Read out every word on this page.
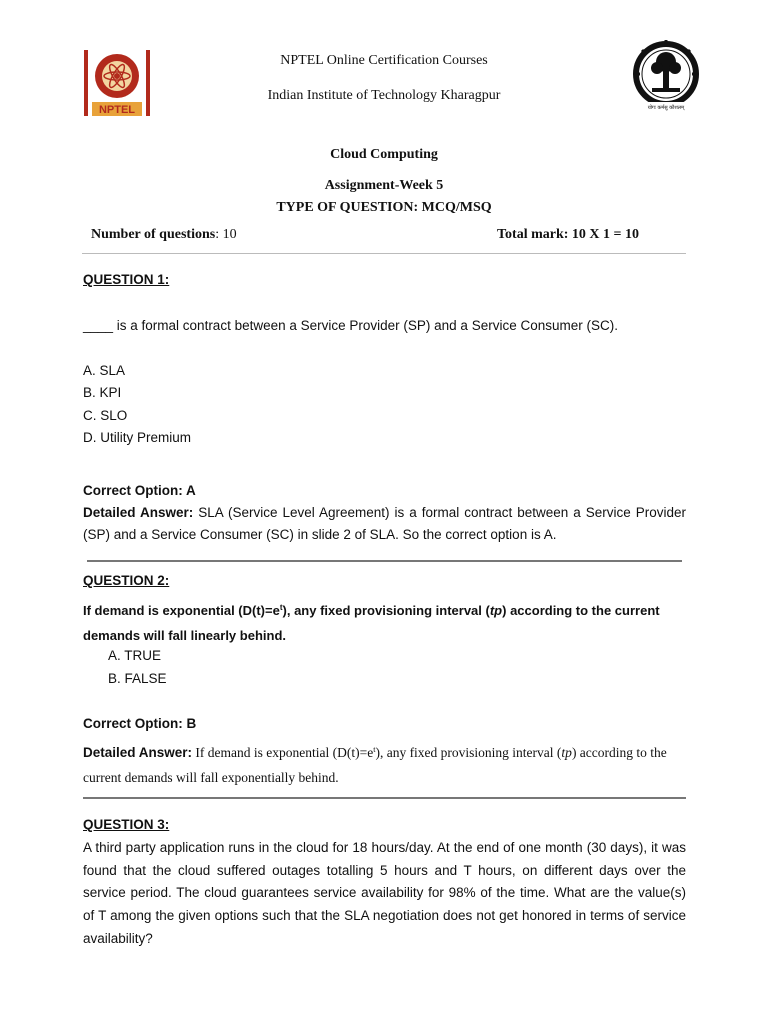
NPTEL	योगः कर्मसु कौशलम्
NPTEL Online Certification Courses
Indian Institute of Technology Kharagpur
Cloud Computing
Assignment-Week 5
TYPE OF QUESTION: MCQ/MSQ
Number of questions: 10	Total mark: 10 X 1 = 10
QUESTION 1:
____ is a formal contract between a Service Provider (SP) and a Service Consumer (SC).
A. SLA
B. KPI
C. SLO
D. Utility Premium
Correct Option: A
Detailed Answer: SLA (Service Level Agreement) is a formal contract between a Service Provider (SP) and a Service Consumer (SC) in slide 2 of SLA. So the correct option is A.
QUESTION 2:
If demand is exponential $(D(t)=e^t)$, any fixed provisioning interval (tp) according to the current demands will fall linearly behind.
A. TRUE
B. FALSE
Correct Option: B
Detailed Answer: If demand is exponential $(D(t)=e^t)$, any fixed provisioning interval (tp) according to the current demands will fall exponentially behind.
QUESTION 3:
A third party application runs in the cloud for 18 hours/day. At the end of one month (30 days), it was found that the cloud suffered outages totalling 5 hours and T hours, on different days over the service period. The cloud guarantees service availability for 98% of the time. What are the value(s) of T among the given options such that the SLA negotiation does not get honored in terms of service availability?
